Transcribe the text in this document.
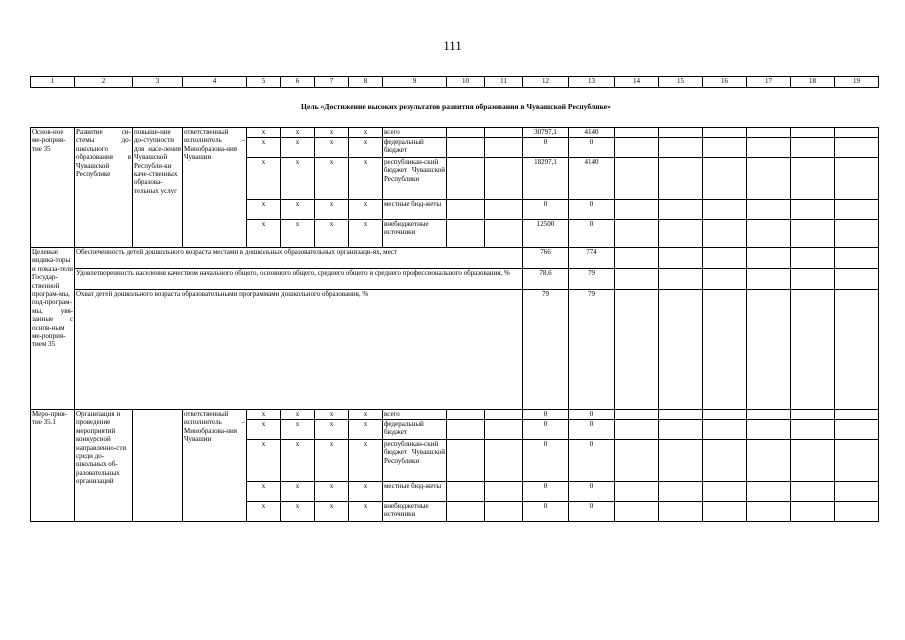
111
1	2	3	4	5	6	7	8	9	10	11	12	13	14	15	16	17	18	19
Цель «Достижение высоких результатов развития образования в Чувашской Республике»
Основ-ное ме-роприя-тие 35	Развитие си-стемы до-школьного образования в Чувашской Республике	повыше-ние до-ступности для насе-ления Чувашской Республи-ки каче-ственных образова-тельных услуг	ответственный исполнитель – Минобразова-ния Чувашии	х	х	х	х	всего			30797,1	4140						
				х	х	х	х	федеральный бюджет			0	0						
				х	х	х	х	республикан-ский бюджет Чувашской Республики			18297,1	4140						
				х	х	х	х	местные бюд-жеты			0	0						
				х	х	х	х	внебюджетные источники			12500	0						
Целевые индика-торы и показа-тели Государ-ственной програм-мы, под-програм-мы, увя-занные с основ-ным ме-роприя-тием 35	Обеспеченность детей дошкольного возраста местами в дошкольных образовательных организаци-ях, мест										766	774						
	Удовлетворенность населения качеством начального общего, основного общего, среднего общего и среднего профессионального образования, %										78,6	79						
	Охват детей дошкольного возраста образовательными программами дошкольного образования, %										79	79						
Меро-прия-тие 35.1	Организация и проведение мероприятий конкурсной направленно-сти среди до-школьных об-разовательных организаций		ответственный исполнитель – Минобразова-ния Чувашии	х	х	х	х	всего			0	0						
				х	х	х	х	федеральный бюджет			0	0						
				х	х	х	х	республикан-ский бюджет Чувашской Республики			0	0						
				х	х	х	х	местные бюд-жеты			0	0						
				х	х	х	х	внебюджетные источники			0	0						
